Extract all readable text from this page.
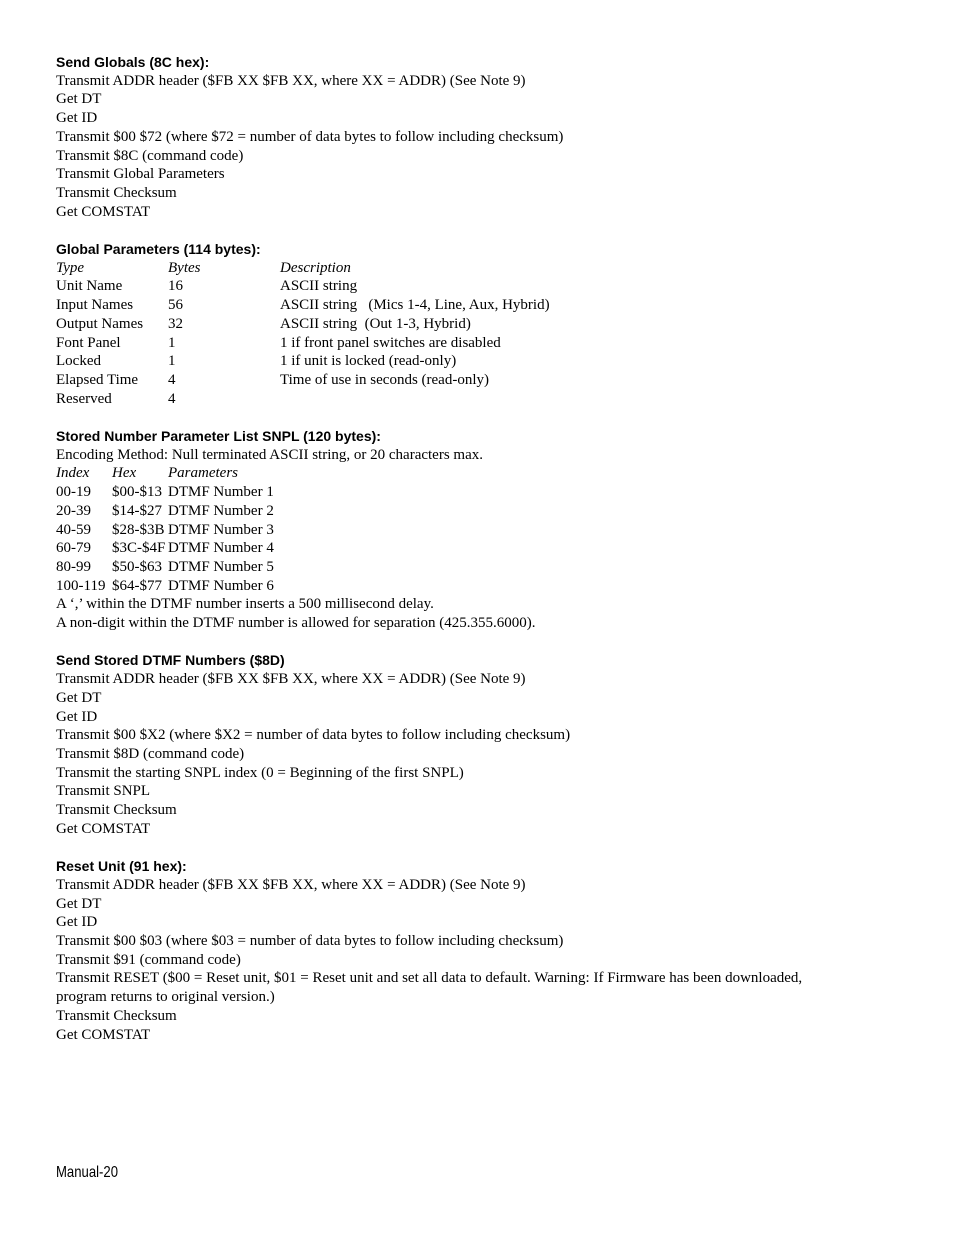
Send Globals (8C hex):
Transmit ADDR header ($FB XX $FB XX, where XX = ADDR) (See Note 9)
Get DT
Get ID
Transmit $00 $72 (where $72 = number of data bytes to follow including checksum)
Transmit $8C (command code)
Transmit Global Parameters
Transmit Checksum
Get COMSTAT
Global Parameters (114 bytes):
Type	Bytes	Description
Unit Name	16	ASCII string
Input Names	56	ASCII string   (Mics 1-4, Line, Aux, Hybrid)
Output Names	32	ASCII string  (Out 1-3, Hybrid)
Font Panel	1	1 if front panel switches are disabled
Locked	1	1 if unit is locked (read-only)
Elapsed Time	4	Time of use in seconds (read-only)
Reserved	4
Stored Number Parameter List SNPL (120 bytes):
Encoding Method: Null terminated ASCII string, or 20 characters max.
Index	Hex	Parameters
00-19	$00-$13 DTMF Number 1
20-39	$14-$27 DTMF Number 2
40-59	$28-$3B DTMF Number 3
60-79	$3C-$4F DTMF Number 4
80-99	$50-$63 DTMF Number 5
100-119 $64-$77 DTMF Number 6
A ‘,’ within the DTMF number inserts a 500 millisecond delay.
A non-digit within the DTMF number is allowed for separation (425.355.6000).
Send Stored DTMF Numbers ($8D)
Transmit ADDR header ($FB XX $FB XX, where XX = ADDR) (See Note 9)
Get DT
Get ID
Transmit $00 $X2 (where $X2 = number of data bytes to follow including checksum)
Transmit $8D (command code)
Transmit the starting SNPL index (0 = Beginning of the first SNPL)
Transmit SNPL
Transmit Checksum
Get COMSTAT
Reset Unit (91 hex):
Transmit ADDR header ($FB XX $FB XX, where XX = ADDR) (See Note 9)
Get DT
Get ID
Transmit $00 $03 (where $03 = number of data bytes to follow including checksum)
Transmit $91 (command code)
Transmit RESET ($00 = Reset unit, $01 = Reset unit and set all data to default. Warning: If Firmware has been downloaded,
program returns to original version.)
Transmit Checksum
Get COMSTAT
Manual-20
